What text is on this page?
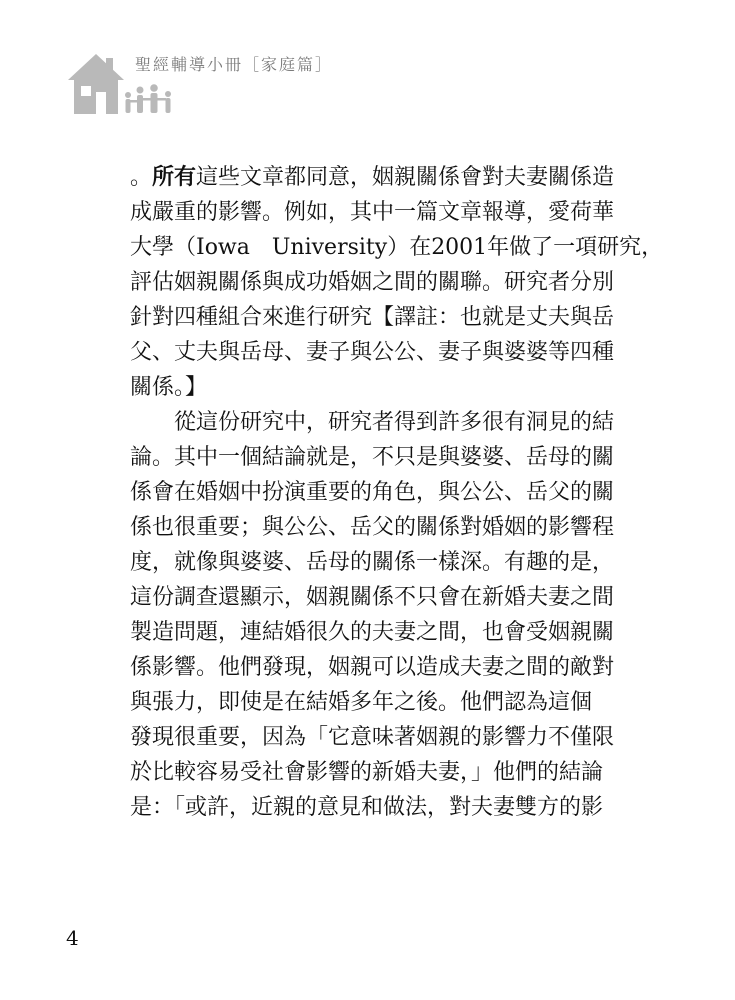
聖經輔導小冊［家庭篇］
。所有這些文章都同意，姻親關係會對夫妻關係造
成嚴重的影響。例如，其中一篇文章報導，愛荷華
大學（Iowa　University）在2001年做了一項研究，
評估姻親關係與成功婚姻之間的關聯。研究者分別
針對四種組合來進行研究【譯註：也就是丈夫與岳
父、丈夫與岳母、妻子與公公、妻子與婆婆等四種
關係。】
從這份研究中，研究者得到許多很有洞見的結
論。其中一個結論就是，不只是與婆婆、岳母的關
係會在婚姻中扮演重要的角色，與公公、岳父的關
係也很重要；與公公、岳父的關係對婚姻的影響程
度，就像與婆婆、岳母的關係一樣深。有趣的是，
這份調查還顯示，姻親關係不只會在新婚夫妻之間
製造問題，連結婚很久的夫妻之間，也會受姻親關
係影響。他們發現，姻親可以造成夫妻之間的敵對
與張力，即使是在結婚多年之後。他們認為這個
發現很重要，因為「它意味著姻親的影響力不僅限
於比較容易受社會影響的新婚夫妻，」他們的結論
是：「或許，近親的意見和做法，對夫妻雙方的影
4
